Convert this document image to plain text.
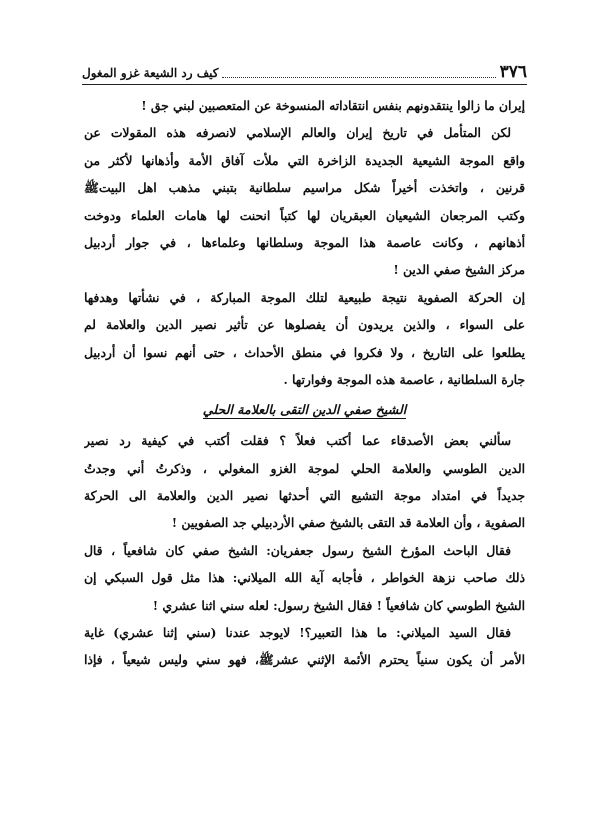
٣٧٦
كيف رد الشيعة غزو المغول
إيران ما زالوا ينتقدونهم بنفس انتقاداته المنسوخة عن المتعصبين لبني جق !
لكن المتأمل في تاريخ إيران والعالم الإسلامي لانصرفه هذه المقولات عن
واقع الموجة الشيعية الجديدة الزاخرة التي ملأت آفاق الأمة وأذهانها لأكثر من
قرنين ، واتخذت أخيراً شكل مراسيم سلطانية بتبني مذهب اهل البيتﷺ
وكتب المرجعان الشيعيان العبقريان لها كتباً انحنت لها هامات العلماء ودوخت
أذهانهم ، وكانت عاصمة هذا الموجة وسلطانها وعلماءها ، في جوار أردبيل
مركز الشيخ صفي الدين !
إن الحركة الصفوية نتيجة طبيعية لتلك الموجة المباركة ، في نشأتها وهدفها
على السواء ، والذين يريدون أن يفصلوها عن تأثير نصير الدين والعلامة لم
يطلعوا على التاريخ ، ولا فكروا في منطق الأحداث ، حتى أنهم نسوا أن أردبيل
جارة السلطانية ، عاصمة هذه الموجة وفوارتها .
الشيخ صفي الدين التقى بالعلامة الحلي
سألني بعض الأصدقاء عما أكتب فعلاً ؟ فقلت أكتب في كيفية رد نصير
الدين الطوسي والعلامة الحلي لموجة الغزو المغولي ، وذكرتُ أني وجدتُ
جديداً في امتداد موجة التشيع التي أحدثها نصير الدين والعلامة الى الحركة
الصفوية ، وأن العلامة قد التقى بالشيخ صفي الأردبيلي جد الصفويين !
فقال الباحث المؤرخ الشيخ رسول جعفريان: الشيخ صفي كان شافعياً ، قال
ذلك صاحب نزهة الخواطر ، فأجابه آية الله الميلاني: هذا مثل قول السبكي إن
الشيخ الطوسي كان شافعياً ! فقال الشيخ رسول: لعله سني اثنا عشري !
فقال السيد الميلاني: ما هذا التعبير؟! لايوجد عندنا (سني إثنا عشري) غاية
الأمر أن يكون سنياً يحترم الأئمة الإثني عشرﷺ، فهو سني وليس شيعياً ، فإذا
